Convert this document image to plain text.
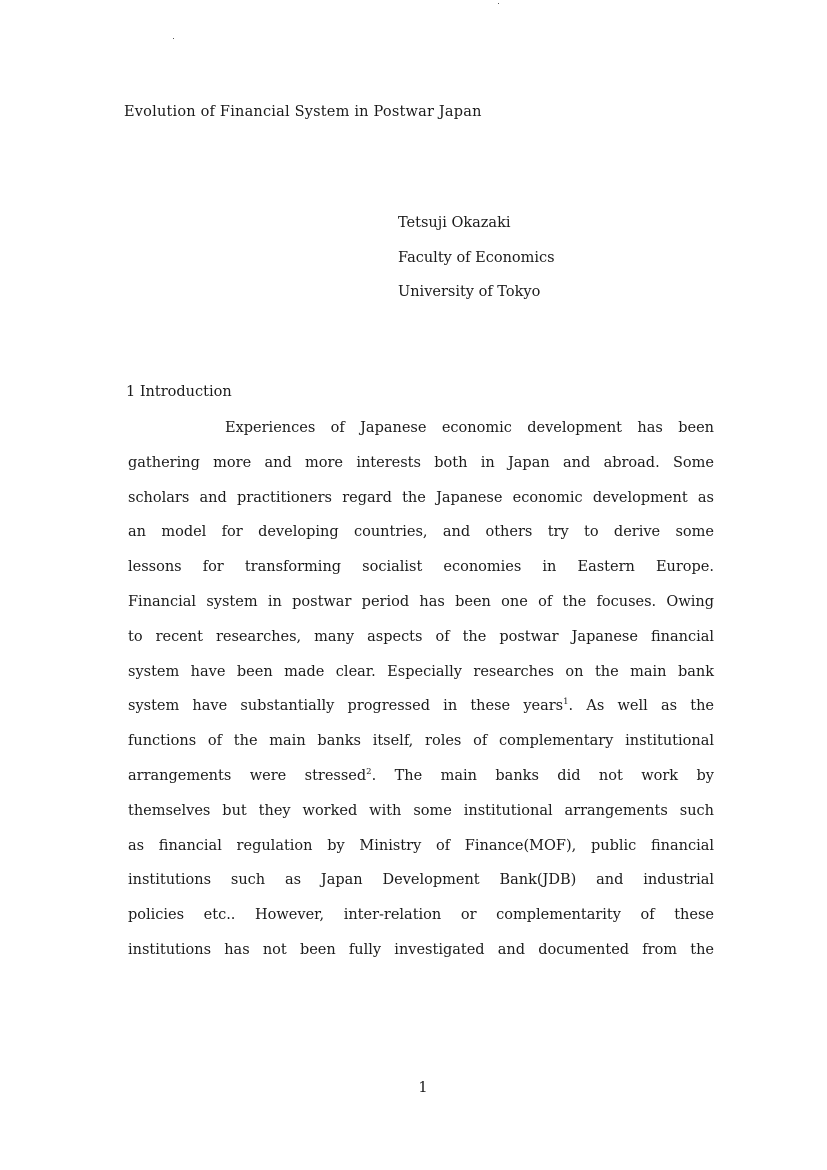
Evolution of Financial System in Postwar Japan
Tetsuji Okazaki
Faculty of Economics
University of Tokyo
1 Introduction
Experiences of Japanese economic development has been
gathering more and more interests both in Japan and abroad. Some
scholars and practitioners regard the Japanese economic development as
an model for developing countries, and others try to derive some
lessons for transforming socialist economies in Eastern Europe.
Financial system in postwar period has been one of the focuses. Owing
to recent researches, many aspects of the postwar Japanese financial
system have been made clear. Especially researches on the main bank
system have substantially progressed in these years$^1$. As well as the
functions of the main banks itself, roles of complementary institutional
arrangements were stressed$^2$. The main banks did not work by
themselves but they worked with some institutional arrangements such
as financial regulation by Ministry of Finance(MOF), public financial
institutions such as Japan Development Bank(JDB) and industrial
policies etc.. However, inter-relation or complementarity of these
institutions has not been fully investigated and documented from the
1
